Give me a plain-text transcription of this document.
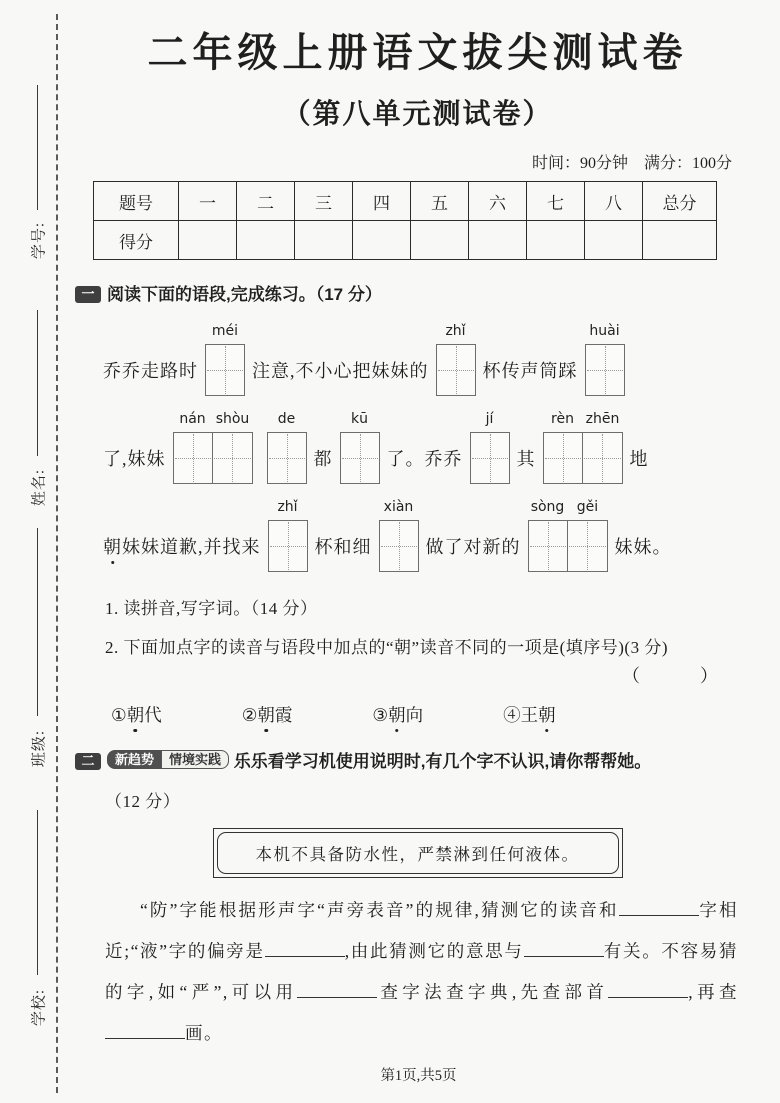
学号:
姓名:
班级:
学校:
二年级上册语文拔尖测试卷
（第八单元测试卷）
时间：90分钟　满分：100分
题号	一	二	三	四	五	六	七	八	总分
得分									
一 阅读下面的语段,完成练习。（17 分）
乔乔走路时
méi
注意,不小心把妹妹的
zhǐ
杯传声筒踩
huài
了,妹妹
nán shòu	de
都
kū
了。乔乔
jí
其
rèn zhēn
地
朝 妹妹道歉,并找来
zhǐ
杯和细
xiàn
做了对新的
sòng gěi
妹妹。
1. 读拼音,写字词。（14 分）
2. 下面加点字的读音与语段中加点的“朝”读音不同的一项是(填序号)(3 分)
（　　）
①朝代	②朝霞	③朝向	④王朝
二 新趋势 情境实践 乐乐看学习机使用说明时,有几个字不认识,请你帮帮她。
（12 分）
本机不具备防水性，严禁淋到任何液体。
“防”字能根据形声字“声旁表音”的规律,猜测它的读音和	字相近;“液”字的偏旁是	,由此猜测它的意思与	有关。不容易猜的字,如“严”,可以用	查字法查字典,先查部首	,再查画。
第1页,共5页
